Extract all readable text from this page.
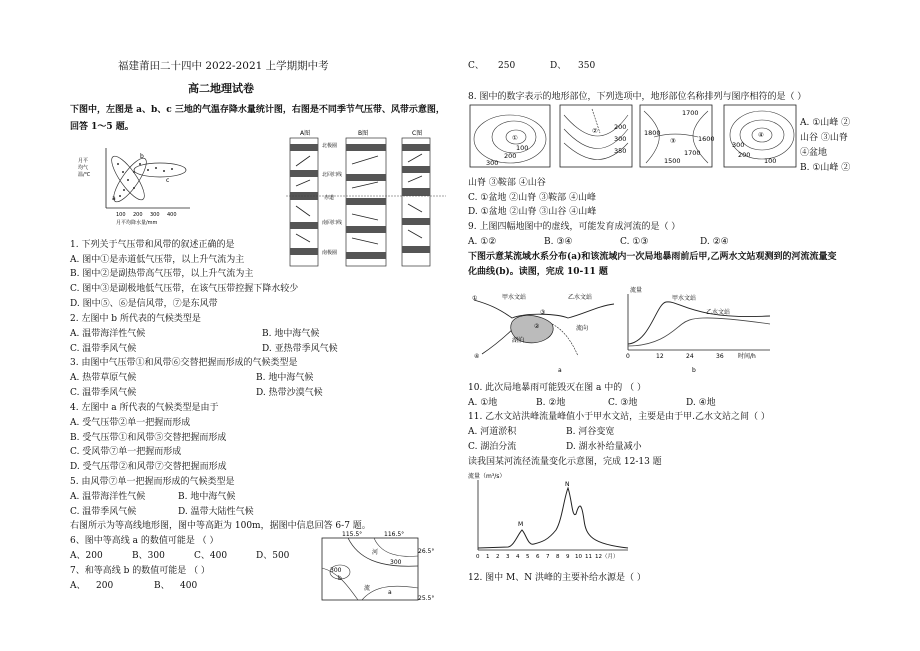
福建莆田二十四中 2022-2021 上学期期中考
高二地理试卷
下图中，左图是 a、b、c 三地的气温存降水量统计图，右图是不同季节气压带、风带示意图，
回答 1～5 题。
月平
均气
温/℃
a
b
c
100 200 300 400
月平均降水量/mm
A图	B图	C图
北极圈
北回归线
赤道
南回归线
南极圈
1. 下列关于气压带和风带的叙述正确的是
A. 图中①是赤道低气压带，以上升气流为主
B. 图中②是副热带高气压带，以上升气流为主
C. 图中③是副极地低气压带，在该气压带控握下降水较少
D. 图中⑤、⑥是信风带，⑦是东风带
2. 左图中 b 所代表的气候类型是
A. 温带海洋性气候	B. 地中海气候
C. 温带季风气候	D. 亚热带季风气候
3. 由图中气压带①和风带⑥交替把握而形成的气候类型是
A. 热带草原气候	B. 地中海气候
C. 温带季风气候	D. 热带沙漠气候
4. 左图中 a 所代表的气候类型是由于
A. 受气压带②单一把握而形成
B. 受气压带①和风带⑤交替把握而形成
C. 受风带⑦单一把握而形成
D. 受气压带②和风带⑦交替把握而形成
5. 由风带⑦单一把握而形成的气候类型是
A. 温带海洋性气候	B. 地中海气候
C. 温带季风气候	D. 温带大陆性气候
右图所示为等高线地形图，图中等高距为 100m，据图中信息回答 6-7 题。
6、图中等高线 a 的数值可能是 （ ）
A、200	B、300	C、400	D、500
7、和等高线 b 的数值可能是 （ ）
A、 200	B、 400
115.5°	116.5°
26.5°
25.5°
河
流
300
300
b
a
C、 250	D、 350
8. 图中的数字表示的地形部位，下列选项中，地形部位名称排列与图序相符的是（ ）
①
100
200
300
② 200
300
350
③
1700
1800
1600
1500
1700
④
300
200
100
A. ①山峰 ②
山谷 ③山脊
④盆地
B. ①山峰 ②
山脊 ③鞍部 ④山谷
C. ①盆地 ②山脊 ③鞍部 ④山峰
D. ①盆地 ②山脊 ③山谷 ④山峰
9. 上图四幅地图中的虚线，可能发育成河流的是（ ）
A. ①②	B. ③④	C. ①③	D. ②④
下图示意某流域水系分布(a)和该流域内一次局地暴雨前后甲,乙两水文站观测到的河流流量变
化曲线(b)。读图，完成 10-11 题
甲水文站	乙水文站
湖泊
流向
①
②
③
④
a
流量
甲水文站
乙水文站
0	12	24	36 时间/h
b
10. 此次局地暴雨可能毁灭在图 a 中的 （ ）
A. ①地	B. ②地	C. ③地	D. ④地
11. 乙水文站洪峰流量峰值小于甲水文站，主要是由于甲.乙水文站之间（ ）
A. 河道淤积	B. 河谷变宽
C. 湖泊分流	D. 湖水补给量减小
读我国某河流径流量变化示意图，完成 12-13 题
流量（m³/s）
M
N
0 1 2 3 4 5 6 7 8 9 10 11 12（月）
12. 图中 M、N 洪峰的主要补给水源是（ ）
